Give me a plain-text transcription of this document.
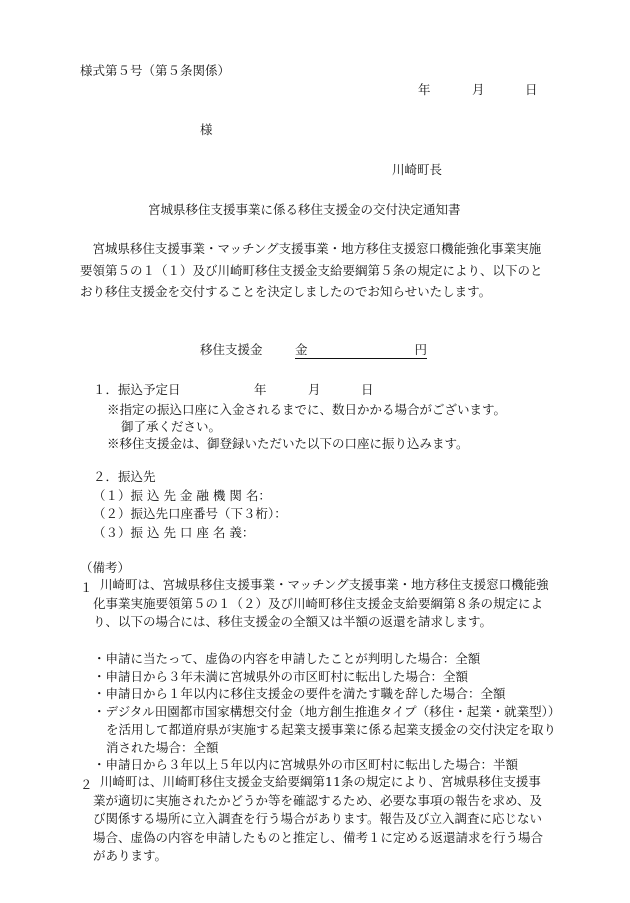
様式第５号（第５条関係）
年	月	日
様
川崎町長
宮城県移住支援事業に係る移住支援金の交付決定通知書
宮城県移住支援事業・マッチング支援事業・地方移住支援窓口機能強化事業実施要領第５の１（１）及び川崎町移住支援金支給要綱第５条の規定により、以下のとおり移住支援金を交付することを決定しましたのでお知らせいたします。
移住支援金	金	円
１．振込予定日	年	月	日
※指定の振込口座に入金されるまでに、数日かかる場合がございます。
御了承ください。
※移住支援金は、御登録いただいた以下の口座に振り込みます。
２．振込先
（１）振 込 先 金 融 機 関 名：
（２）振込先口座番号（下３桁）：
（３）振 込 先 口 座 名 義：
（備考）
１ 川崎町は、宮城県移住支援事業・マッチング支援事業・地方移住支援窓口機能強化事業実施要領第５の１（２）及び川崎町移住支援金支給要綱第８条の規定により、以下の場合には、移住支援金の全額又は半額の返還を請求します。
・申請に当たって、虚偽の内容を申請したことが判明した場合：全額
・申請日から３年未満に宮城県外の市区町村に転出した場合：全額
・申請日から１年以内に移住支援金の要件を満たす職を辞した場合：全額
・デジタル田園都市国家構想交付金（地方創生推進タイプ（移住・起業・就業型））を活用して都道府県が実施する起業支援事業に係る起業支援金の交付決定を取り消された場合：全額
・申請日から３年以上５年以内に宮城県外の市区町村に転出した場合：半額
２ 川崎町は、川崎町移住支援金支給要綱第11条の規定により、宮城県移住支援事業が適切に実施されたかどうか等を確認するため、必要な事項の報告を求め、及び関係する場所に立入調査を行う場合があります。報告及び立入調査に応じない場合、虚偽の内容を申請したものと推定し、備考１に定める返還請求を行う場合があります。
